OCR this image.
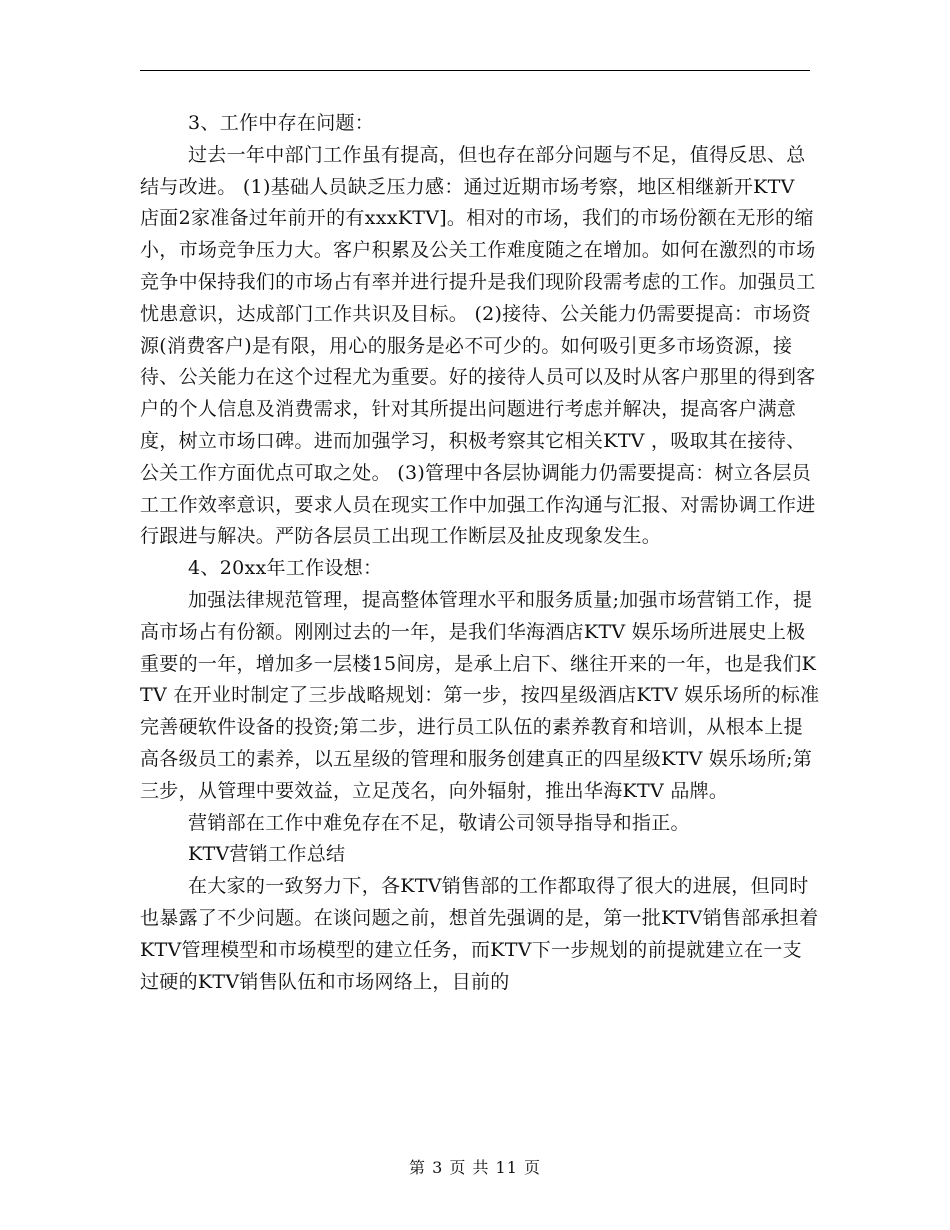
3、工作中存在问题：

过去一年中部门工作虽有提高，但也存在部分问题与不足，值得反思、总结与改进。 (1)基础人员缺乏压力感：通过近期市场考察，地区相继新开KTV 店面2家准备过年前开的有xxxKTV]。相对的市场，我们的市场份额在无形的缩小，市场竞争压力大。客户积累及公关工作难度随之在增加。如何在激烈的市场竞争中保持我们的市场占有率并进行提升是我们现阶段需考虑的工作。加强员工忧患意识，达成部门工作共识及目标。 (2)接待、公关能力仍需要提高：市场资源(消费客户)是有限，用心的服务是必不可少的。如何吸引更多市场资源，接待、公关能力在这个过程尤为重要。好的接待人员可以及时从客户那里的得到客户的个人信息及消费需求，针对其所提出问题进行考虑并解决，提高客户满意度，树立市场口碑。进而加强学习，积极考察其它相关KTV ，吸取其在接待、公关工作方面优点可取之处。 (3)管理中各层协调能力仍需要提高：树立各层员工工作效率意识，要求人员在现实工作中加强工作沟通与汇报、对需协调工作进行跟进与解决。严防各层员工出现工作断层及扯皮现象发生。

4、20xx年工作设想：

加强法律规范管理，提高整体管理水平和服务质量;加强市场营销工作，提高市场占有份额。刚刚过去的一年，是我们华海酒店KTV 娱乐场所进展史上极重要的一年，增加多一层楼15间房，是承上启下、继往开来的一年，也是我们KTV 在开业时制定了三步战略规划：第一步，按四星级酒店KTV 娱乐场所的标准完善硬软件设备的投资;第二步，进行员工队伍的素养教育和培训，从根本上提高各级员工的素养，以五星级的管理和服务创建真正的四星级KTV 娱乐场所;第三步，从管理中要效益，立足茂名，向外辐射，推出华海KTV 品牌。

营销部在工作中难免存在不足，敬请公司领导指导和指正。

KTV营销工作总结

在大家的一致努力下，各KTV销售部的工作都取得了很大的进展，但同时也暴露了不少问题。在谈问题之前，想首先强调的是，第一批KTV销售部承担着KTV管理模型和市场模型的建立任务，而KTV下一步规划的前提就建立在一支过硬的KTV销售队伍和市场网络上，目前的

第 3 页 共 11 页
